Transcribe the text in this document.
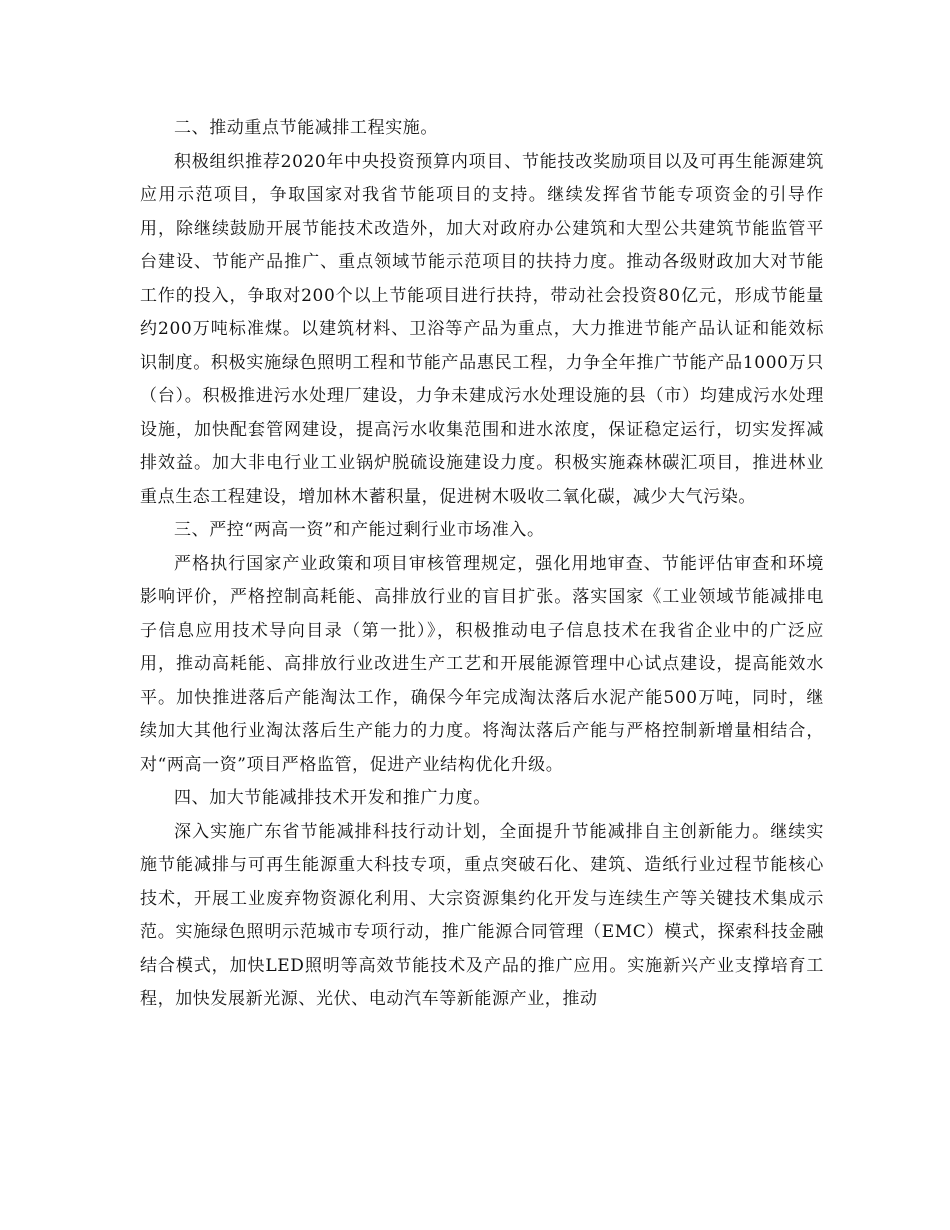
二、推动重点节能减排工程实施。

积极组织推荐2020年中央投资预算内项目、节能技改奖励项目以及可再生能源建筑应用示范项目，争取国家对我省节能项目的支持。继续发挥省节能专项资金的引导作用，除继续鼓励开展节能技术改造外，加大对政府办公建筑和大型公共建筑节能监管平台建设、节能产品推广、重点领域节能示范项目的扶持力度。推动各级财政加大对节能工作的投入，争取对200个以上节能项目进行扶持，带动社会投资80亿元，形成节能量约200万吨标准煤。以建筑材料、卫浴等产品为重点，大力推进节能产品认证和能效标识制度。积极实施绿色照明工程和节能产品惠民工程，力争全年推广节能产品1000万只（台）。积极推进污水处理厂建设，力争未建成污水处理设施的县（市）均建成污水处理设施，加快配套管网建设，提高污水收集范围和进水浓度，保证稳定运行，切实发挥减排效益。加大非电行业工业锅炉脱硫设施建设力度。积极实施森林碳汇项目，推进林业重点生态工程建设，增加林木蓄积量，促进树木吸收二氧化碳，减少大气污染。

三、严控“两高一资”和产能过剩行业市场准入。

严格执行国家产业政策和项目审核管理规定，强化用地审查、节能评估审查和环境影响评价，严格控制高耗能、高排放行业的盲目扩张。落实国家《工业领域节能减排电子信息应用技术导向目录（第一批）》，积极推动电子信息技术在我省企业中的广泛应用，推动高耗能、高排放行业改进生产工艺和开展能源管理中心试点建设，提高能效水平。加快推进落后产能淘汰工作，确保今年完成淘汰落后水泥产能500万吨，同时，继续加大其他行业淘汰落后生产能力的力度。将淘汰落后产能与严格控制新增量相结合，对“两高一资”项目严格监管，促进产业结构优化升级。

四、加大节能减排技术开发和推广力度。

深入实施广东省节能减排科技行动计划，全面提升节能减排自主创新能力。继续实施节能减排与可再生能源重大科技专项，重点突破石化、建筑、造纸行业过程节能核心技术，开展工业废弃物资源化利用、大宗资源集约化开发与连续生产等关键技术集成示范。实施绿色照明示范城市专项行动，推广能源合同管理（EMC）模式，探索科技金融结合模式，加快LED照明等高效节能技术及产品的推广应用。实施新兴产业支撑培育工程，加快发展新光源、光伏、电动汽车等新能源产业，推动
